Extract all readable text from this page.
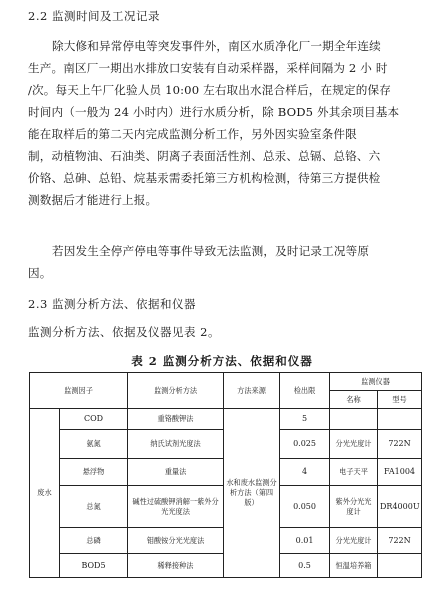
2.2 监测时间及工况记录
除大修和异常停电等突发事件外，南区水质净化厂一期全年连续
生产。南区厂一期出水排放口安装有自动采样器，采样间隔为 2 小 时
/次。每天上午厂化验人员 10:00 左右取出水混合样后，在规定的保存
时间内（一般为 24 小时内）进行水质分析，除 BOD5 外其余项目基本
能在取样后的第二天内完成监测分析工作，另外因实验室条件限
制，动植物油、石油类、阴离子表面活性剂、总汞、总镉、总铬、六
价铬、总砷、总铅、烷基汞需委托第三方机构检测，待第三方提供检
测数据后才能进行上报。
若因发生全停产停电等事件导致无法监测，及时记录工况等原
因。
2.3 监测分析方法、依据和仪器
监测分析方法、依据及仪器见表 2。
表 2 监测分析方法、依据和仪器
监测因子		监测分析方法	方法来源	检出限	监测仪器	
					名称	型号
废水	COD	重铬酸钾法	水和废水监测分析方法（第四版）	5		
	氨氮	纳氏试剂光度法		0.025	分光光度计	722N
	悬浮物	重量法		4	电子天平	FA1004
	总氮	碱性过硫酸钾消解一紫外分光光度法		0.050	紫外分光光度计	DR4000U
	总磷	钼酸铵分光光度法		0.01	分光光度计	722N
	BOD5	稀释接种法		0.5	恒温培养箱	
